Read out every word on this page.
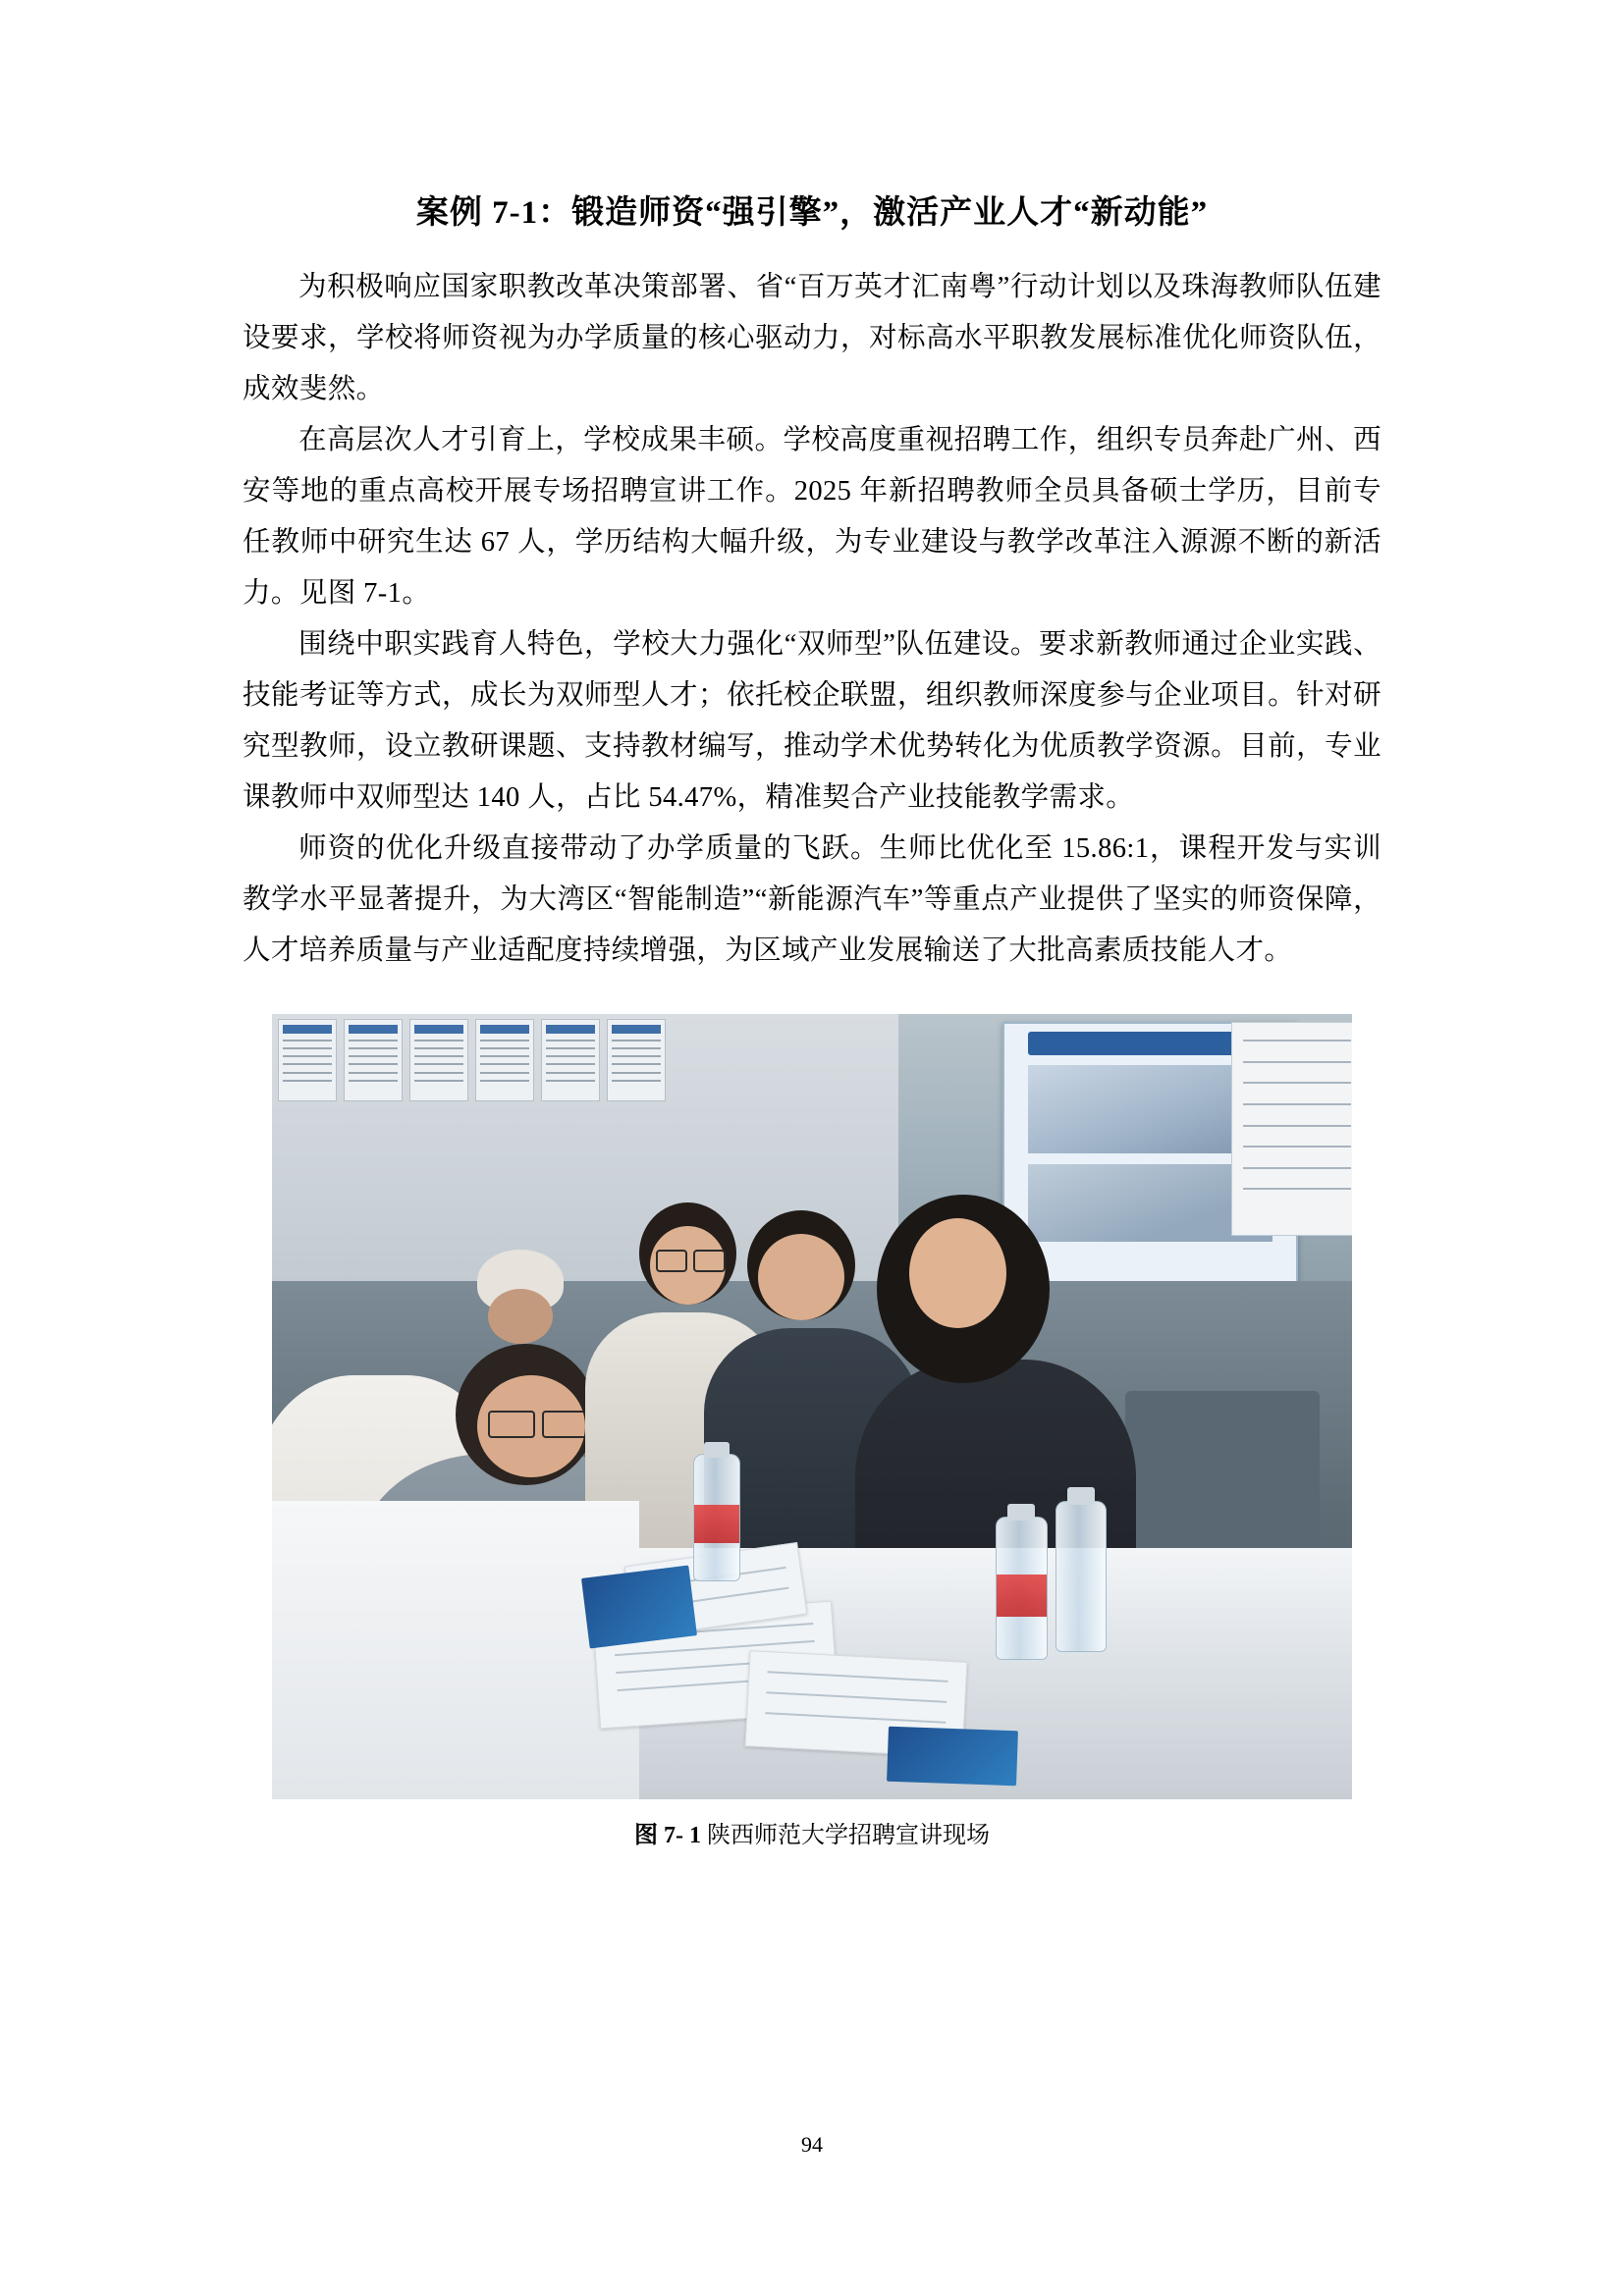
案例 7-1：锻造师资“强引擎”，激活产业人才“新动能”

为积极响应国家职教改革决策部署、省“百万英才汇南粤”行动计划以及珠海教师队伍建设要求，学校将师资视为办学质量的核心驱动力，对标高水平职教发展标准优化师资队伍，成效斐然。

在高层次人才引育上，学校成果丰硕。学校高度重视招聘工作，组织专员奔赴广州、西安等地的重点高校开展专场招聘宣讲工作。2025 年新招聘教师全员具备硕士学历，目前专任教师中研究生达 67 人，学历结构大幅升级，为专业建设与教学改革注入源源不断的新活力。见图 7-1。

围绕中职实践育人特色，学校大力强化“双师型”队伍建设。要求新教师通过企业实践、技能考证等方式，成长为双师型人才；依托校企联盟，组织教师深度参与企业项目。针对研究型教师，设立教研课题、支持教材编写，推动学术优势转化为优质教学资源。目前，专业课教师中双师型达 140 人，占比 54.47%，精准契合产业技能教学需求。

师资的优化升级直接带动了办学质量的飞跃。生师比优化至 15.86:1，课程开发与实训教学水平显著提升，为大湾区“智能制造”“新能源汽车”等重点产业提供了坚实的师资保障，人才培养质量与产业适配度持续增强，为区域产业发展输送了大批高素质技能人才。

图 7- 1 陕西师范大学招聘宣讲现场
94
